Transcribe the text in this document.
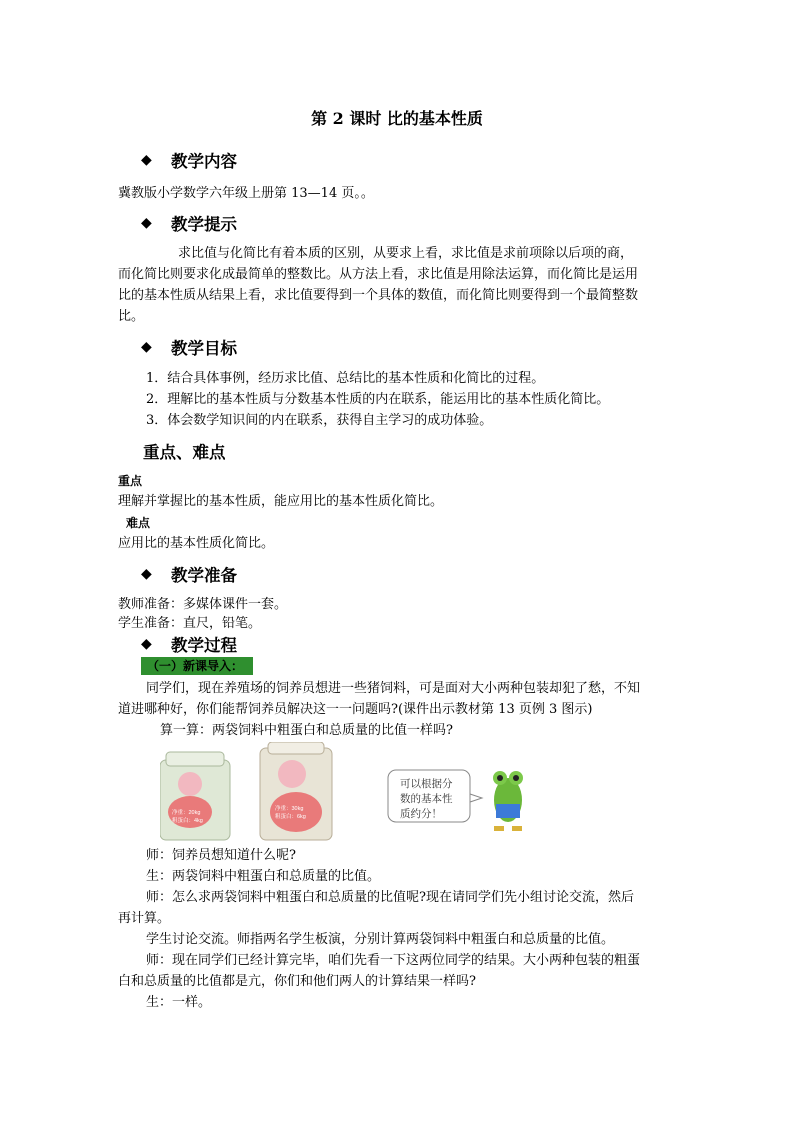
第 2 课时 比的基本性质
◆	教学内容
冀教版小学数学六年级上册第 13—14 页。。
◆	教学提示
求比值与化简比有着本质的区别，从要求上看，求比值是求前项除以后项的商，
而化简比则要求化成最简单的整数比。从方法上看，求比值是用除法运算，而化简比是运用
比的基本性质从结果上看，求比值要得到一个具体的数值，而化简比则要得到一个最简整数
比。
◆	教学目标
1．结合具体事例，经历求比值、总结比的基本性质和化简比的过程。
2．理解比的基本性质与分数基本性质的内在联系，能运用比的基本性质化简比。
3．体会数学知识间的内在联系，获得自主学习的成功体验。
重点、难点
重点
理解并掌握比的基本性质，能应用比的基本性质化简比。
难点
应用比的基本性质化简比。
◆	教学准备
教师准备：多媒体课件一套。
学生准备：直尺，铅笔。
◆	教学过程
（一）新课导入：
同学们，现在养殖场的饲养员想进一些猪饲料，可是面对大小两种包装却犯了愁，不知
道进哪种好，你们能帮饲养员解决这一一问题吗?(课件出示教材第 13 页例 3 图示)
算一算：两袋饲料中粗蛋白和总质量的比值一样吗?
净重：20kg
粗蛋白：4kg
净重：30kg
粗蛋白：6kg
可以根据分
数的基本性
质约分！
师：饲养员想知道什么呢?
生：两袋饲料中粗蛋白和总质量的比值。
师：怎么求两袋饲料中粗蛋白和总质量的比值呢?现在请同学们先小组讨论交流，然后
再计算。
学生讨论交流。师指两名学生板演，分别计算两袋饲料中粗蛋白和总质量的比值。
师：现在同学们已经计算完毕，咱们先看一下这两位同学的结果。大小两种包装的粗蛋
白和总质量的比值都是亢，你们和他们两人的计算结果一样吗?
生：一样。
